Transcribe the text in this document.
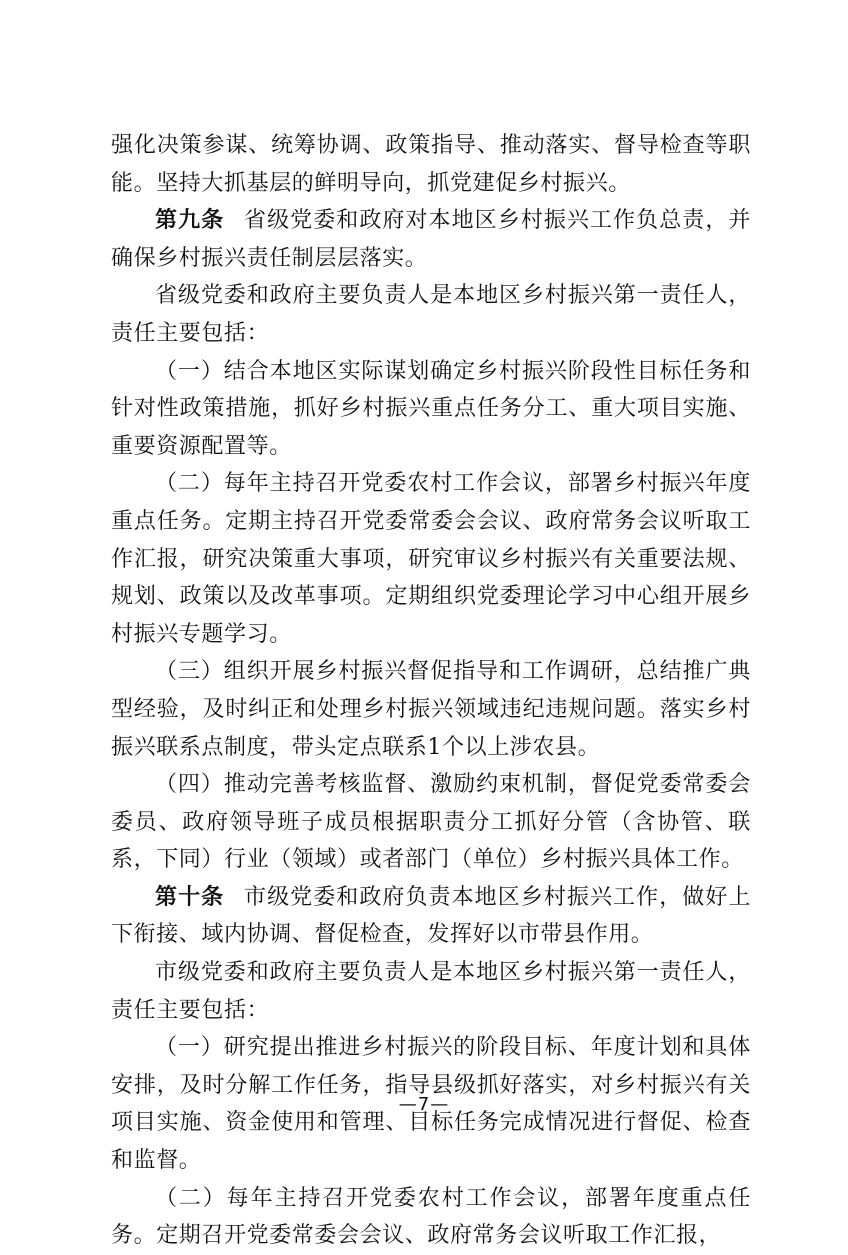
强化决策参谋、统筹协调、政策指导、推动落实、督导检查等职能。坚持大抓基层的鲜明导向，抓党建促乡村振兴。

第九条 省级党委和政府对本地区乡村振兴工作负总责，并确保乡村振兴责任制层层落实。

省级党委和政府主要负责人是本地区乡村振兴第一责任人，责任主要包括：

（一）结合本地区实际谋划确定乡村振兴阶段性目标任务和针对性政策措施，抓好乡村振兴重点任务分工、重大项目实施、重要资源配置等。

（二）每年主持召开党委农村工作会议，部署乡村振兴年度重点任务。定期主持召开党委常委会会议、政府常务会议听取工作汇报，研究决策重大事项，研究审议乡村振兴有关重要法规、规划、政策以及改革事项。定期组织党委理论学习中心组开展乡村振兴专题学习。

（三）组织开展乡村振兴督促指导和工作调研，总结推广典型经验，及时纠正和处理乡村振兴领域违纪违规问题。落实乡村振兴联系点制度，带头定点联系1个以上涉农县。

（四）推动完善考核监督、激励约束机制，督促党委常委会委员、政府领导班子成员根据职责分工抓好分管（含协管、联系，下同）行业（领域）或者部门（单位）乡村振兴具体工作。

第十条 市级党委和政府负责本地区乡村振兴工作，做好上下衔接、域内协调、督促检查，发挥好以市带县作用。

市级党委和政府主要负责人是本地区乡村振兴第一责任人，责任主要包括：

（一）研究提出推进乡村振兴的阶段目标、年度计划和具体安排，及时分解工作任务，指导县级抓好落实，对乡村振兴有关项目实施、资金使用和管理、目标任务完成情况进行督促、检查和监督。

（二）每年主持召开党委农村工作会议，部署年度重点任务。定期召开党委常委会会议、政府常务会议听取工作汇报，

—7—
